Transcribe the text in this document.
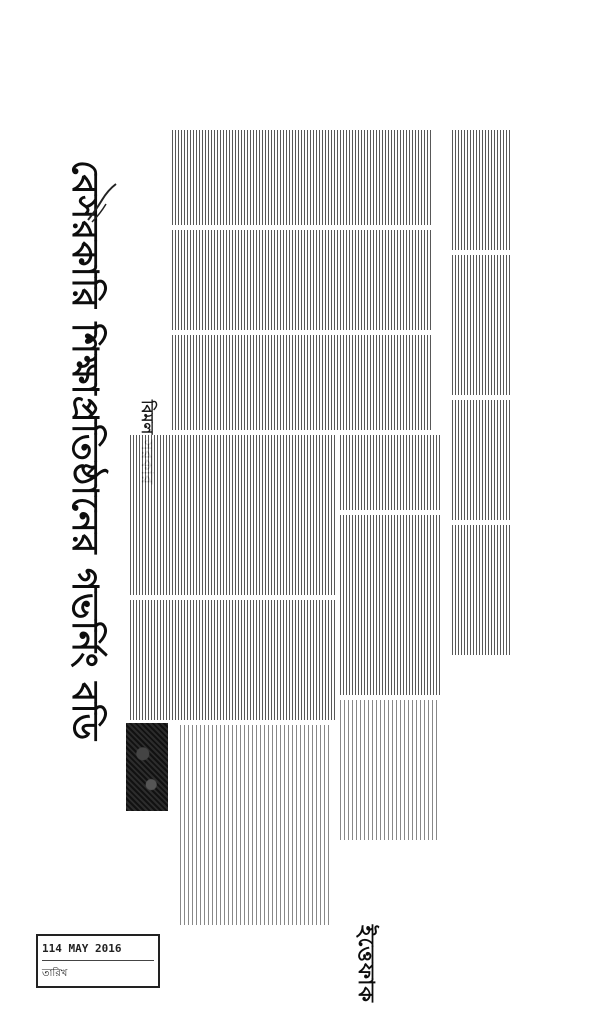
বেসরকারি শিক্ষাপ্রতিষ্ঠানের গভর্নিং বডি
ইত্তেফাক
114 MAY 2016
তারিখ
